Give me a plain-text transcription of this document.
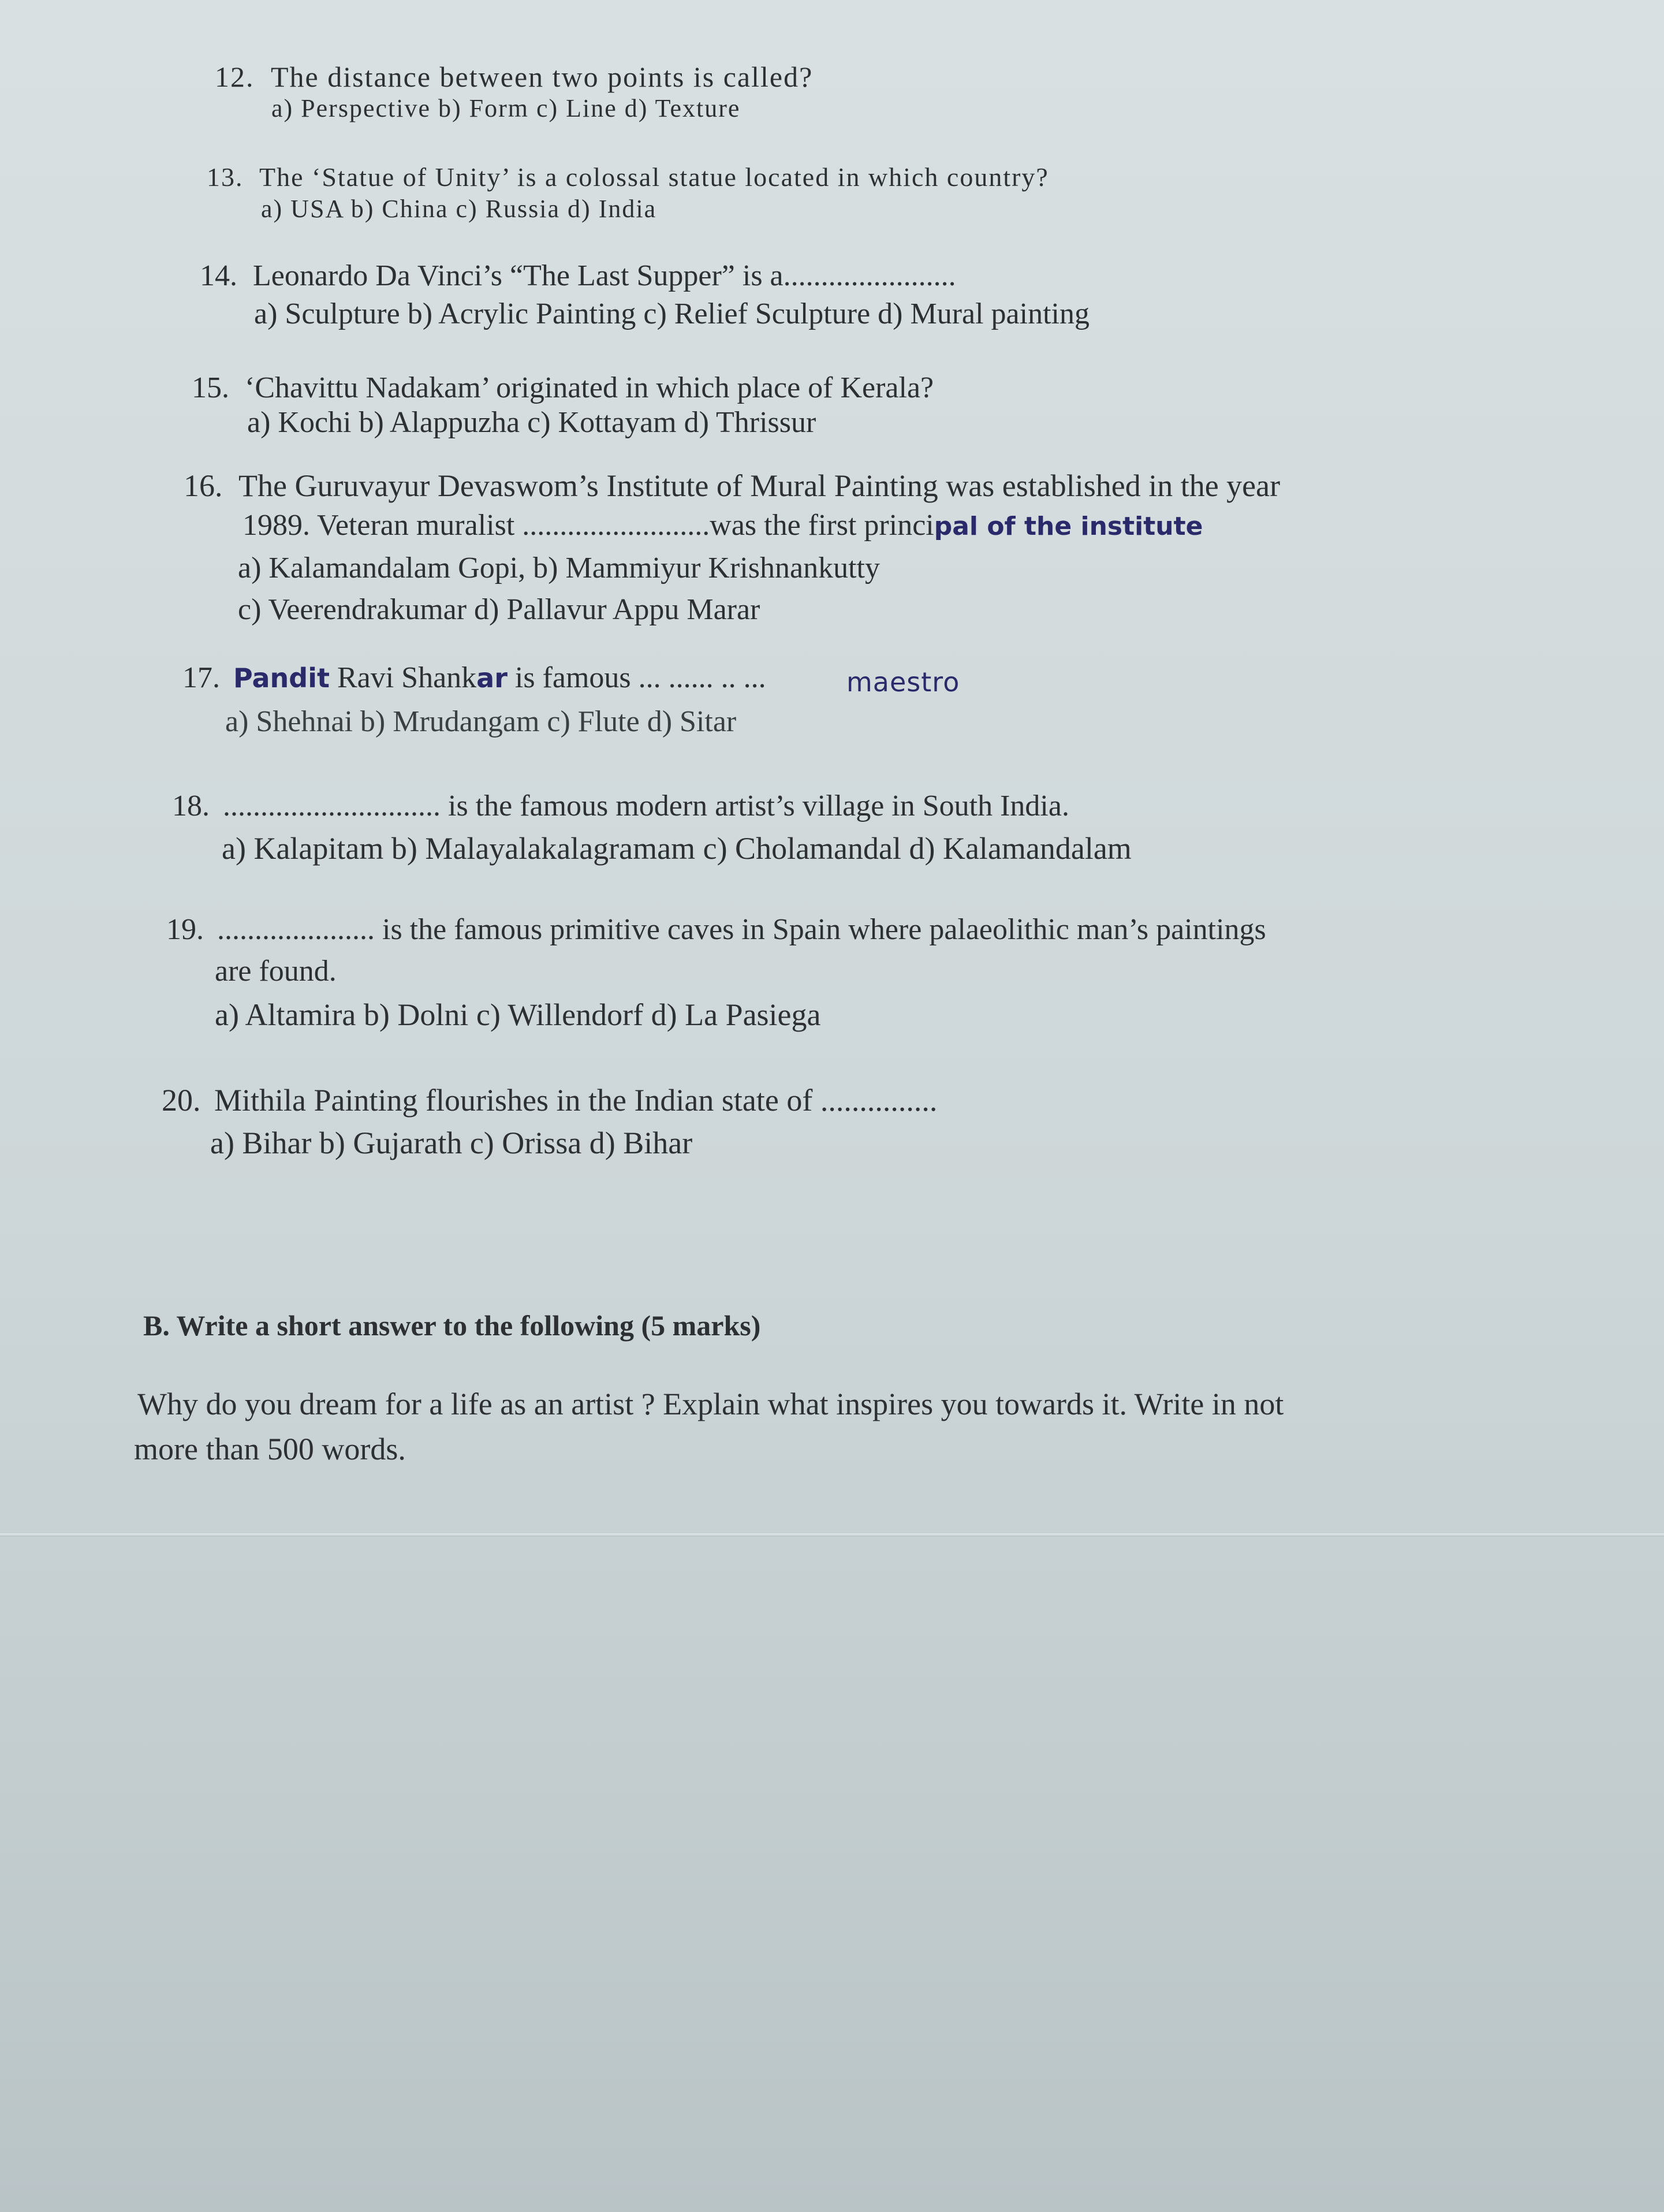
12. The distance between two points is called?
a) Perspective b) Form c) Line d) Texture
13. The ‘Statue of Unity’ is a colossal statue located in which country?
a) USA b) China c) Russia d) India
14. Leonardo Da Vinci’s “The Last Supper” is a.......................
a) Sculpture b) Acrylic Painting c) Relief Sculpture d) Mural painting
15. ‘Chavittu Nadakam’ originated in which place of Kerala?
a) Kochi b) Alappuzha c) Kottayam d) Thrissur
16. The Guruvayur Devaswom’s Institute of Mural Painting was established in the year
1989. Veteran muralist .........................was the first principal of the institute
a) Kalamandalam Gopi, b) Mammiyur Krishnankutty
c) Veerendrakumar d) Pallavur Appu Marar
17. Pandit Ravi Shankar is famous ... ...... .. ...	maestro
a) Shehnai b) Mrudangam c) Flute d) Sitar
18. ............................. is the famous modern artist’s village in South India.
a) Kalapitam b) Malayalakalagramam c) Cholamandal d) Kalamandalam
19. ..................... is the famous primitive caves in Spain where palaeolithic man’s paintings
are found.
a) Altamira b) Dolni c) Willendorf d) La Pasiega
20. Mithila Painting flourishes in the Indian state of ...............
a) Bihar b) Gujarath c) Orissa d) Bihar
B. Write a short answer to the following (5 marks)
Why do you dream for a life as an artist ? Explain what inspires you towards it. Write in not
more than 500 words.
